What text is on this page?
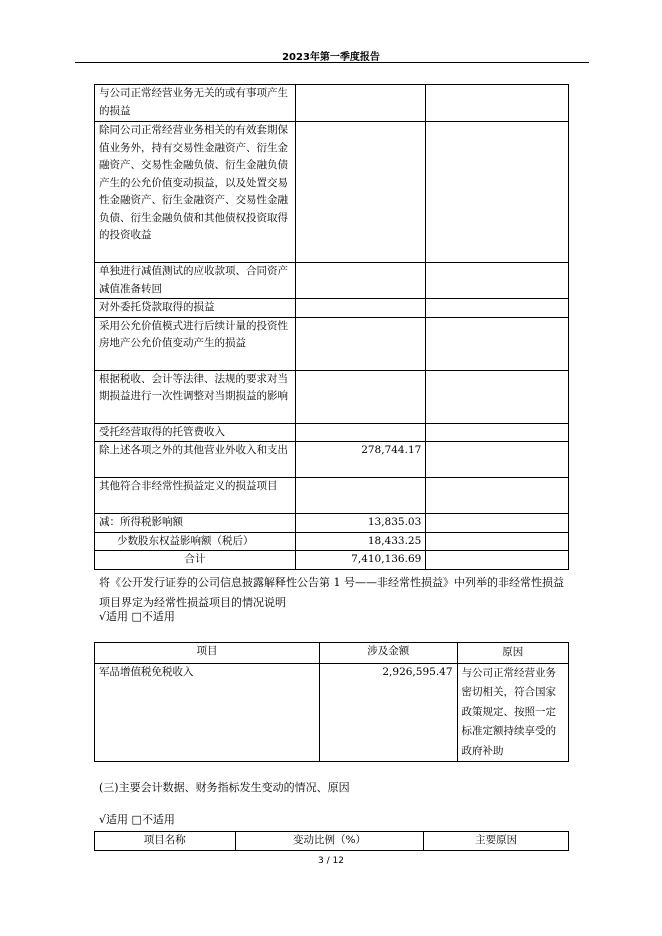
2023年第一季度报告
与公司正常经营业务无关的或有事项产生的损益		
除同公司正常经营业务相关的有效套期保值业务外，持有交易性金融资产、衍生金融资产、交易性金融负债、衍生金融负债产生的公允价值变动损益，以及处置交易性金融资产、衍生金融资产、交易性金融负债、衍生金融负债和其他债权投资取得的投资收益		
单独进行减值测试的应收款项、合同资产减值准备转回		
对外委托贷款取得的损益		
采用公允价值模式进行后续计量的投资性房地产公允价值变动产生的损益		
根据税收、会计等法律、法规的要求对当期损益进行一次性调整对当期损益的影响		
受托经营取得的托管费收入		
除上述各项之外的其他营业外收入和支出	278,744.17	
其他符合非经常性损益定义的损益项目		
减：所得税影响额	13,835.03	
少数股东权益影响额（税后）	18,433.25	
合计	7,410,136.69	
将《公开发行证券的公司信息披露解释性公告第 1 号——非经常性损益》中列举的非经常性损益项目界定为经常性损益项目的情况说明
√适用 □不适用
项目	涉及金额	原因
军品增值税免税收入	2,926,595.47	与公司正常经营业务密切相关，符合国家政策规定、按照一定标准定额持续享受的政府补助
(三)主要会计数据、财务指标发生变动的情况、原因
√适用 □不适用
项目名称	变动比例（%）	主要原因
3 / 12
